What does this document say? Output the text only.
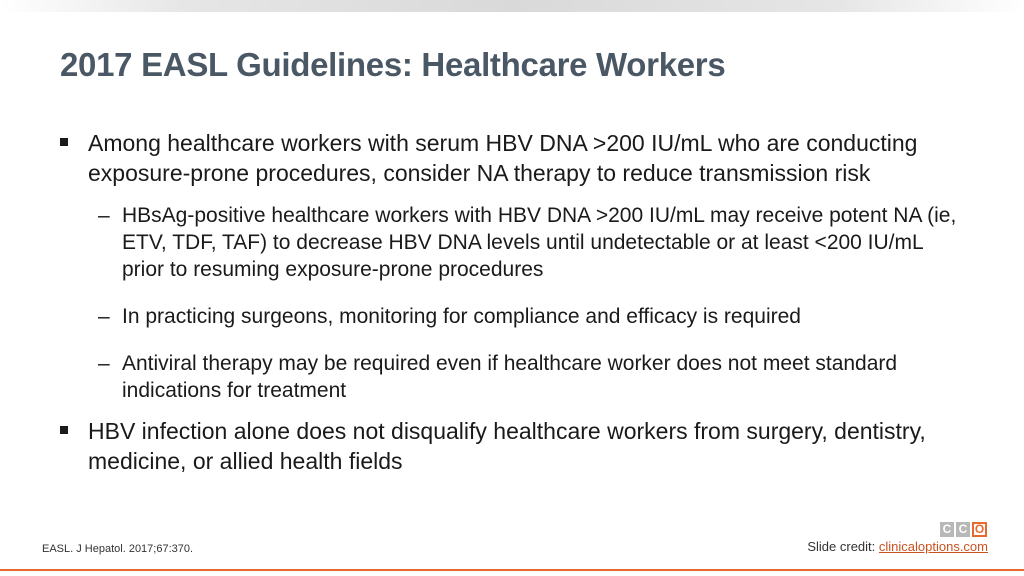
2017 EASL Guidelines: Healthcare Workers
Among healthcare workers with serum HBV DNA >200 IU/mL who are conducting exposure-prone procedures, consider NA therapy to reduce transmission risk
– HBsAg-positive healthcare workers with HBV DNA >200 IU/mL may receive potent NA (ie, ETV, TDF, TAF) to decrease HBV DNA levels until undetectable or at least <200 IU/mL prior to resuming exposure-prone procedures
– In practicing surgeons, monitoring for compliance and efficacy is required
– Antiviral therapy may be required even if healthcare worker does not meet standard indications for treatment
HBV infection alone does not disqualify healthcare workers from surgery, dentistry, medicine, or allied health fields
EASL. J Hepatol. 2017;67:370.
C C O
Slide credit: clinicaloptions.com
